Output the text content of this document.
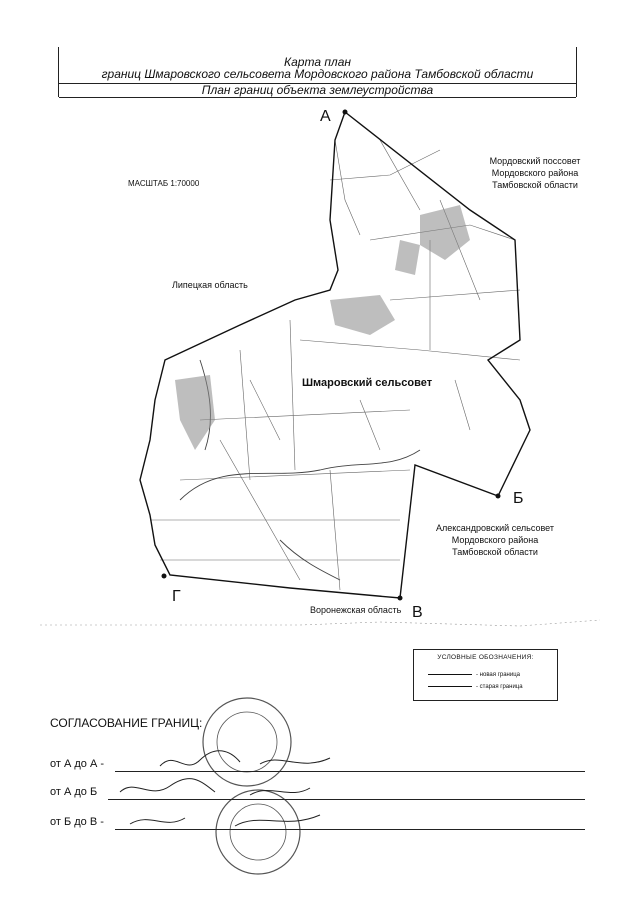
Карта план
границ Шмаровского сельсовета Мордовского района Тамбовской области
План границ объекта землеустройства
МАСШТАБ 1:70000
Мордовский поссовет
Мордовского района
Тамбовской области
Липецкая область
Шмаровский сельсовет
Александровский сельсовет
Мордовского района
Тамбовской области
Воронежская область
А
Б
В
Г
УСЛОВНЫЕ ОБОЗНАЧЕНИЯ:
- новая граница
- старая граница
СОГЛАСОВАНИЕ ГРАНИЦ:
от А до А -
от А до Б
от Б до В -
